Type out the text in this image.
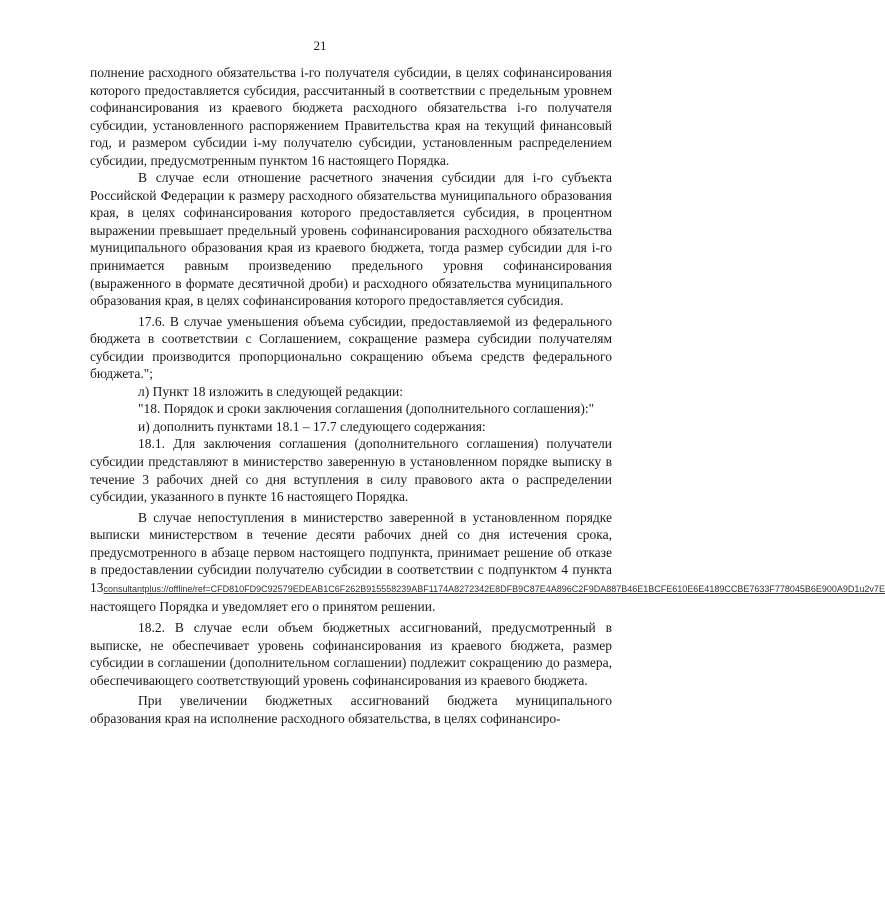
21

полнение расходного обязательства i-го получателя субсидии, в целях софинансирования которого предоставляется субсидия, рассчитанный в соответствии с предельным уровнем софинансирования из краевого бюджета расходного обязательства i-го получателя субсидии, установленного распоряжением Правительства края на текущий финансовый год, и размером субсидии i-му получателю субсидии, установленным распределением субсидии, предусмотренным пунктом 16 настоящего Порядка.

В случае если отношение расчетного значения субсидии для i-го субъекта Российской Федерации к размеру расходного обязательства муниципального образования края, в целях софинансирования которого предоставляется субсидия, в процентном выражении превышает предельный уровень софинансирования расходного обязательства муниципального образования края из краевого бюджета, тогда размер субсидии для i-го принимается равным произведению предельного уровня софинансирования (выраженного в формате десятичной дроби) и расходного обязательства муниципального образования края, в целях софинансирования которого предоставляется субсидия.

17.6. В случае уменьшения объема субсидии, предоставляемой из федерального бюджета в соответствии с Соглашением, сокращение размера субсидии получателям субсидии производится пропорционально сокращению объема средств федерального бюджета.";

л) Пункт 18 изложить в следующей редакции:

"18. Порядок и сроки заключения соглашения (дополнительного соглашения):"

и) дополнить пунктами 18.1 – 17.7 следующего содержания:

18.1. Для заключения соглашения (дополнительного соглашения) получатели субсидии представляют в министерство заверенную в установленном порядке выписку в течение 3 рабочих дней со дня вступления в силу правового акта о распределении субсидии, указанного в пункте 16 настоящего Порядка.

В случае непоступления в министерство заверенной в установленном порядке выписки министерством в течение десяти рабочих дней со дня истечения срока, предусмотренного в абзаце первом настоящего подпункта, принимает решение об отказе в предоставлении субсидии получателю субсидии в соответствии с подпунктом 4 пункта 13consultantplus://offline/ref=CFD810FD9C92579EDEAB1C6F262B915558239ABF1174A8272342E8DFB9C87E4A896C2F9DA887B46E1BCFE610E6E4189CCBE7633F778045B6E900A9D1u2v7E настоящего Порядка и уведомляет его о принятом решении.

18.2. В случае если объем бюджетных ассигнований, предусмотренный в выписке, не обеспечивает уровень софинансирования из краевого бюджета, размер субсидии в соглашении (дополнительном соглашении) подлежит сокращению до размера, обеспечивающего соответствующий уровень софинансирования из краевого бюджета.

При увеличении бюджетных ассигнований бюджета муниципального образования края на исполнение расходного обязательства, в целях софинансиро-
